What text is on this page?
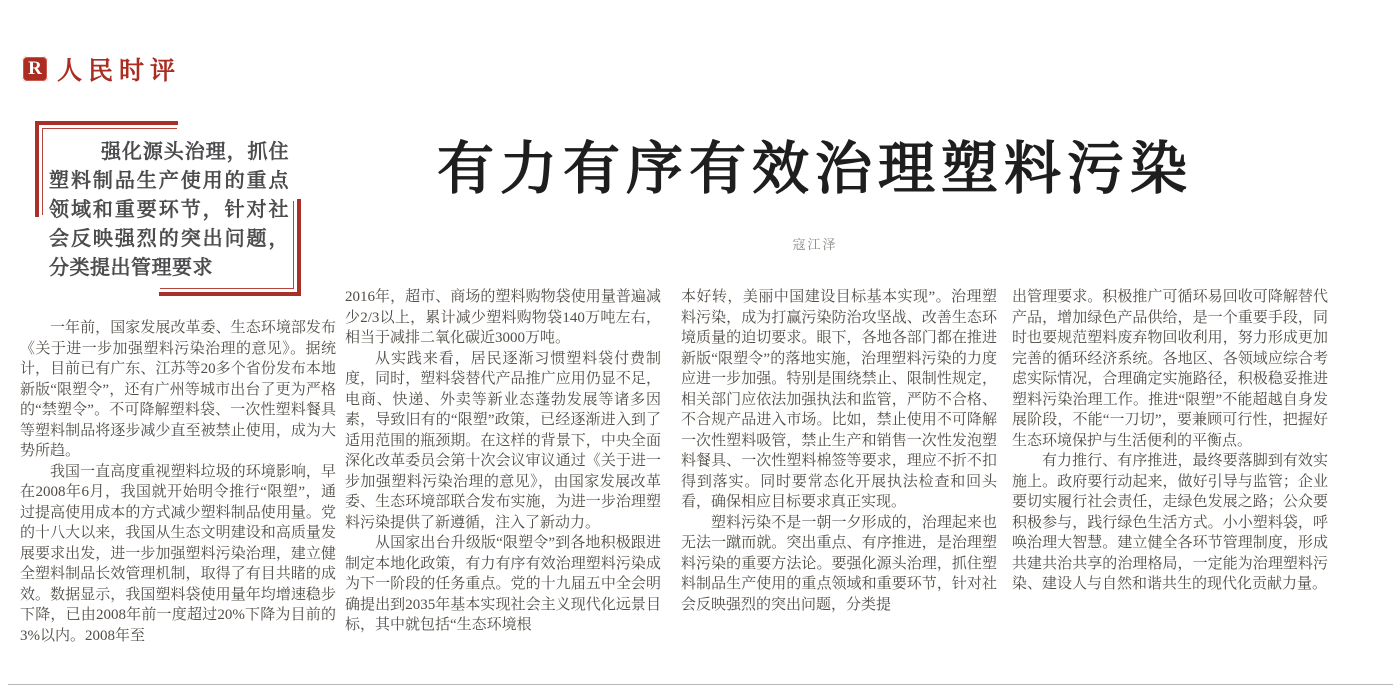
R 人民时评

强化源头治理，抓住塑料制品生产使用的重点领域和重要环节，针对社会反映强烈的突出问题，分类提出管理要求

有力有序有效治理塑料污染
寇江泽

一年前，国家发展改革委、生态环境部发布《关于进一步加强塑料污染治理的意见》。据统计，目前已有广东、江苏等20多个省份发布本地新版“限塑令”，还有广州等城市出台了更为严格的“禁塑令”。不可降解塑料袋、一次性塑料餐具等塑料制品将逐步减少直至被禁止使用，成为大势所趋。

我国一直高度重视塑料垃圾的环境影响，早在2008年6月，我国就开始明令推行“限塑”，通过提高使用成本的方式减少塑料制品使用量。党的十八大以来，我国从生态文明建设和高质量发展要求出发，进一步加强塑料污染治理，建立健全塑料制品长效管理机制，取得了有目共睹的成效。数据显示，我国塑料袋使用量年均增速稳步下降，已由2008年前一度超过20%下降为目前的3%以内。2008年至

2016年，超市、商场的塑料购物袋使用量普遍减少2/3以上，累计减少塑料购物袋140万吨左右，相当于减排二氧化碳近3000万吨。

从实践来看，居民逐渐习惯塑料袋付费制度，同时，塑料袋替代产品推广应用仍显不足，电商、快递、外卖等新业态蓬勃发展等诸多因素，导致旧有的“限塑”政策，已经逐渐进入到了适用范围的瓶颈期。在这样的背景下，中央全面深化改革委员会第十次会议审议通过《关于进一步加强塑料污染治理的意见》，由国家发展改革委、生态环境部联合发布实施，为进一步治理塑料污染提供了新遵循，注入了新动力。

从国家出台升级版“限塑令”到各地积极跟进制定本地化政策，有力有序有效治理塑料污染成为下一阶段的任务重点。党的十九届五中全会明确提出到2035年基本实现社会主义现代化远景目标，其中就包括“生态环境根

本好转，美丽中国建设目标基本实现”。治理塑料污染，成为打赢污染防治攻坚战、改善生态环境质量的迫切要求。眼下，各地各部门都在推进新版“限塑令”的落地实施，治理塑料污染的力度应进一步加强。特别是围绕禁止、限制性规定，相关部门应依法加强执法和监管，严防不合格、不合规产品进入市场。比如，禁止使用不可降解一次性塑料吸管，禁止生产和销售一次性发泡塑料餐具、一次性塑料棉签等要求，理应不折不扣得到落实。同时要常态化开展执法检查和回头看，确保相应目标要求真正实现。

塑料污染不是一朝一夕形成的，治理起来也无法一蹴而就。突出重点、有序推进，是治理塑料污染的重要方法论。要强化源头治理，抓住塑料制品生产使用的重点领域和重要环节，针对社会反映强烈的突出问题，分类提

出管理要求。积极推广可循环易回收可降解替代产品，增加绿色产品供给，是一个重要手段，同时也要规范塑料废弃物回收利用，努力形成更加完善的循环经济系统。各地区、各领域应综合考虑实际情况，合理确定实施路径，积极稳妥推进塑料污染治理工作。推进“限塑”不能超越自身发展阶段，不能“一刀切”，要兼顾可行性，把握好生态环境保护与生活便利的平衡点。

有力推行、有序推进，最终要落脚到有效实施上。政府要行动起来，做好引导与监管；企业要切实履行社会责任，走绿色发展之路；公众要积极参与，践行绿色生活方式。小小塑料袋，呼唤治理大智慧。建立健全各环节管理制度，形成共建共治共享的治理格局，一定能为治理塑料污染、建设人与自然和谐共生的现代化贡献力量。
